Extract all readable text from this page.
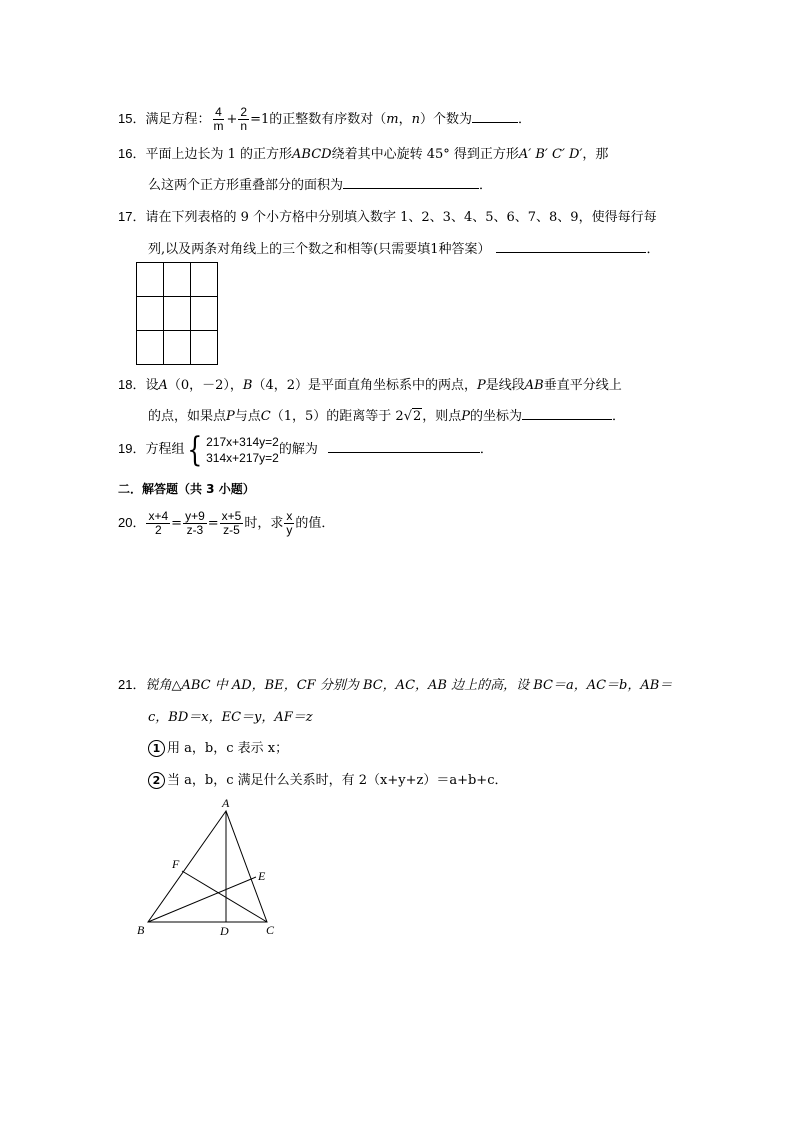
15．满足方程： $\frac{4}{m} + \frac{2}{n} =1$的正整数有序数对（m，n）个数为	．
16．平面上边长为 1 的正方形ABCD绕着其中心旋转 45° 得到正方形A′ B′ C′ D′，那
么这两个正方形重叠部分的面积为	．
17．请在下列表格的 9 个小方格中分别填入数字 1、2、3、4、5、6、7、8、9，使得每行每
列,以及两条对角线上的三个数之和相等(只需要填1种答案）	．

18．设A（0，－2），B（4，2）是平面直角坐标系中的两点，P是线段AB垂直平分线上
的点，如果点P与点C（1，5）的距离等于 2√2，则点P的坐标为	．
19．方程组{ 217x+314y=2
314x+217y=2
的解为	．
二．解答题（共 3 小题）
20． $\frac{x+4}{2} = \frac{y+9}{z-3} = \frac{x+5}{z-5}$ 时，求 $\frac{x}{y}$ 的值．
21．锐角△ABC 中 AD，BE，CF 分别为 BC，AC，AB 边上的高，设 BC＝a，AC＝b，AB＝
c，BD＝x，EC＝y，AF＝z
1 用 a，b，c 表示 x；
2 当 a，b，c 满足什么关系时，有 2（x+y+z）＝a+b+c．
A
B	C
D
E
F
